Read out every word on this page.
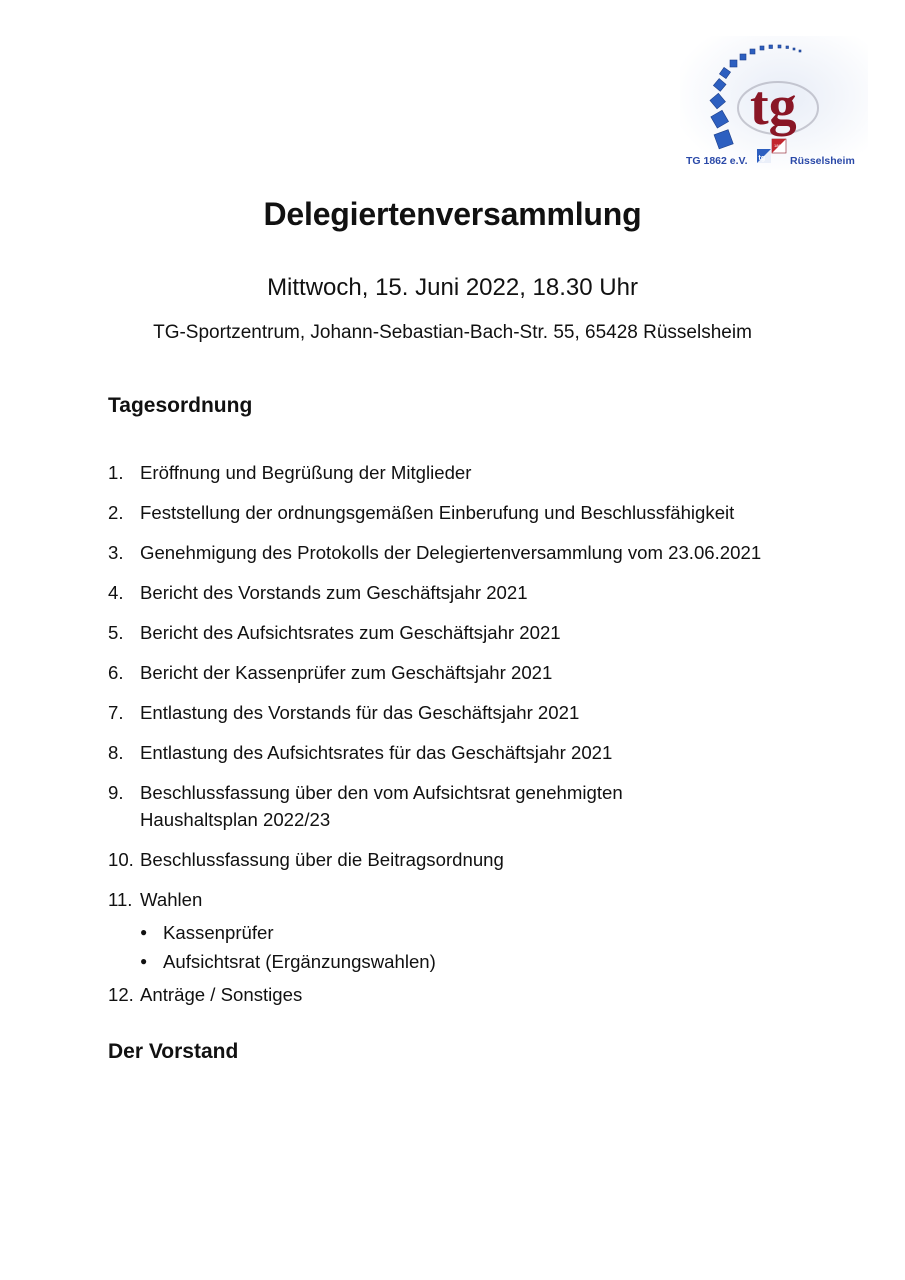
tg
1862
tg
TG 1862 e.V.	Rüsselsheim
Delegiertenversammlung
Mittwoch, 15. Juni 2022, 18.30 Uhr
TG-Sportzentrum, Johann-Sebastian-Bach-Str. 55, 65428 Rüsselsheim
Tagesordnung
1. Eröffnung und Begrüßung der Mitglieder
2. Feststellung der ordnungsgemäßen Einberufung und Beschlussfähigkeit
3. Genehmigung des Protokolls der Delegiertenversammlung vom 23.06.2021
4. Bericht des Vorstands zum Geschäftsjahr 2021
5. Bericht des Aufsichtsrates zum Geschäftsjahr 2021
6. Bericht der Kassenprüfer zum Geschäftsjahr 2021
7. Entlastung des Vorstands für das Geschäftsjahr 2021
8. Entlastung des Aufsichtsrates für das Geschäftsjahr 2021
9. Beschlussfassung über den vom Aufsichtsrat genehmigten
Haushaltsplan 2022/23
10. Beschlussfassung über die Beitragsordnung
11. Wahlen
● Kassenprüfer
● Aufsichtsrat (Ergänzungswahlen)
12. Anträge / Sonstiges
Der Vorstand
